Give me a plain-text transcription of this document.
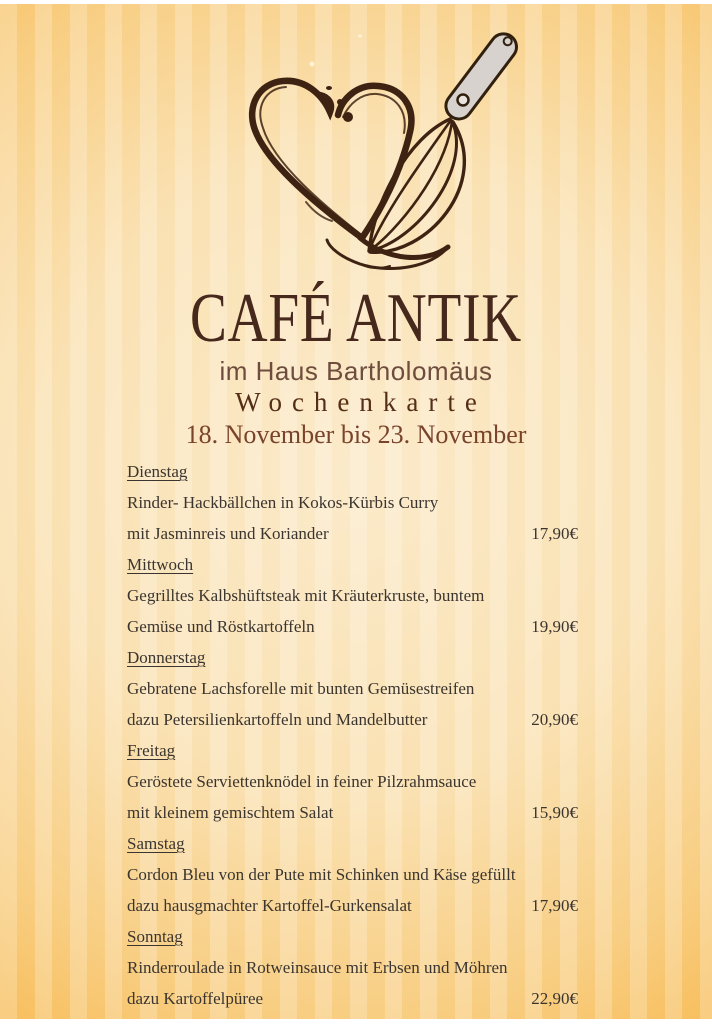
CAFÉ ANTIK
im Haus Bartholomäus
Wochenkarte
18. November bis 23. November
Dienstag
Rinder- Hackbällchen in Kokos-Kürbis Curry
mit Jasminreis und Koriander	17,90€
Mittwoch
Gegrilltes Kalbshüftsteak mit Kräuterkruste, buntem
Gemüse und Röstkartoffeln	19,90€
Donnerstag
Gebratene Lachsforelle mit bunten Gemüsestreifen
dazu Petersilienkartoffeln und Mandelbutter	20,90€
Freitag
Geröstete Serviettenknödel in feiner Pilzrahmsauce
mit kleinem gemischtem Salat	15,90€
Samstag
Cordon Bleu von der Pute mit Schinken und Käse gefüllt
dazu hausgmachter Kartoffel-Gurkensalat	17,90€
Sonntag
Rinderroulade in Rotweinsauce mit Erbsen und Möhren
dazu Kartoffelpüree	22,90€
